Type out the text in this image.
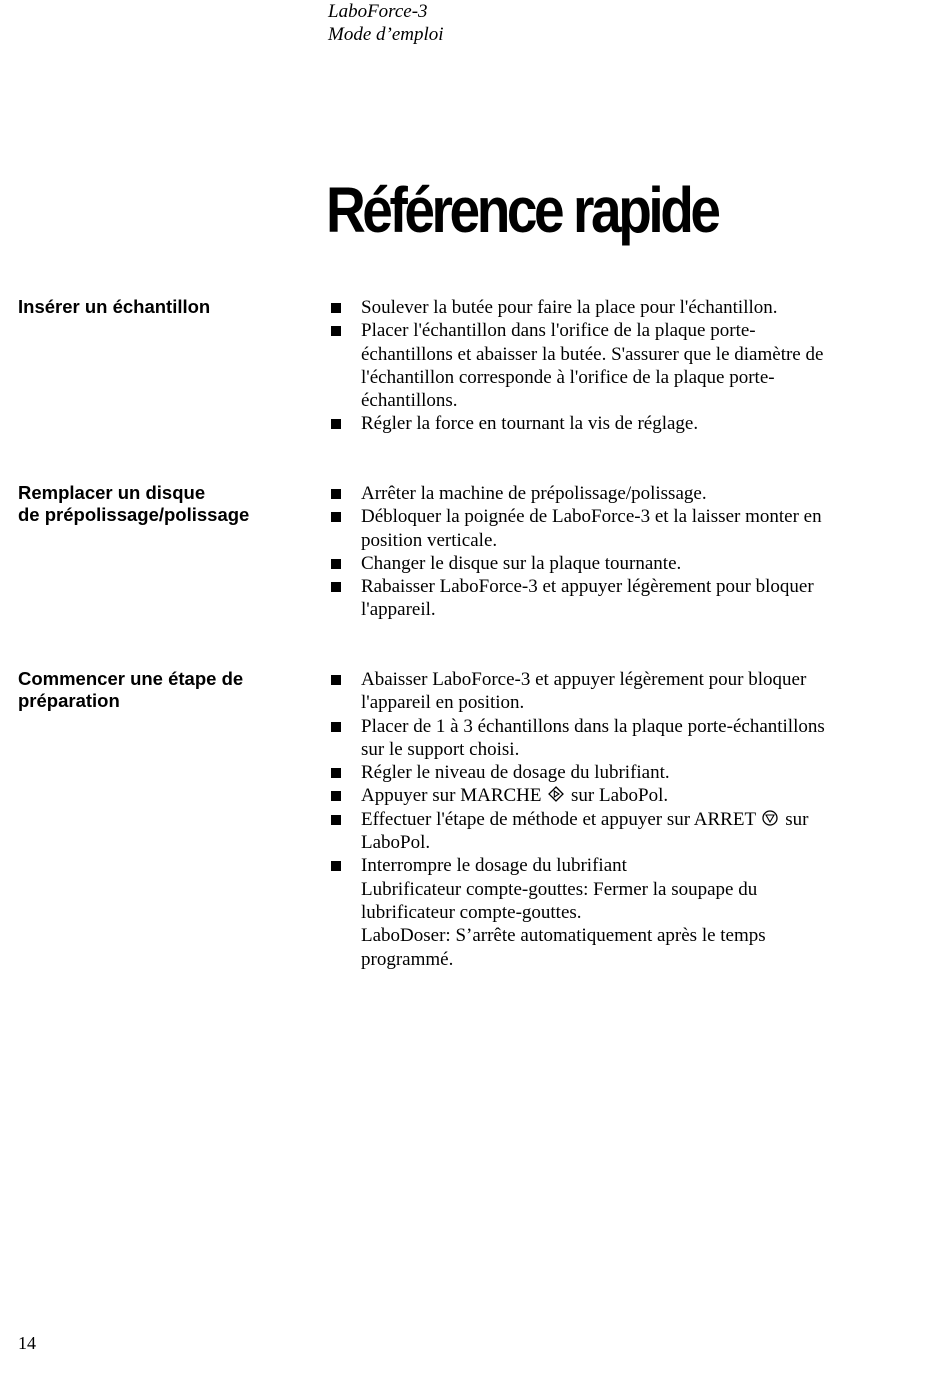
LaboForce-3
Mode d’emploi
Référence rapide
Insérer un échantillon	Soulever la butée pour faire la place pour l'échantillon.
Placer l'échantillon dans l'orifice de la plaque porte-
échantillons et abaisser la butée. S'assurer que le diamètre de
l'échantillon corresponde à l'orifice de la plaque porte-
échantillons.
Régler la force en tournant la vis de réglage.
Remplacer un disque
de prépolissage/polissage
Arrêter la machine de prépolissage/polissage.
Débloquer la poignée de LaboForce-3 et la laisser monter en
position verticale.
Changer le disque sur la plaque tournante.
Rabaisser LaboForce-3 et appuyer légèrement pour bloquer
l'appareil.
Commencer une étape de
préparation
Abaisser LaboForce-3 et appuyer légèrement pour bloquer
l'appareil en position.
Placer de 1 à 3 échantillons dans la plaque porte-échantillons
sur le support choisi.
Régler le niveau de dosage du lubrifiant.
Appuyer sur MARCHE sur LaboPol.
Effectuer l'étape de méthode et appuyer sur ARRET sur
LaboPol.
Interrompre le dosage du lubrifiant
Lubrificateur compte-gouttes: Fermer la soupape du
lubrificateur compte-gouttes.
LaboDoser: S’arrête automatiquement après le temps
programmé.
14
